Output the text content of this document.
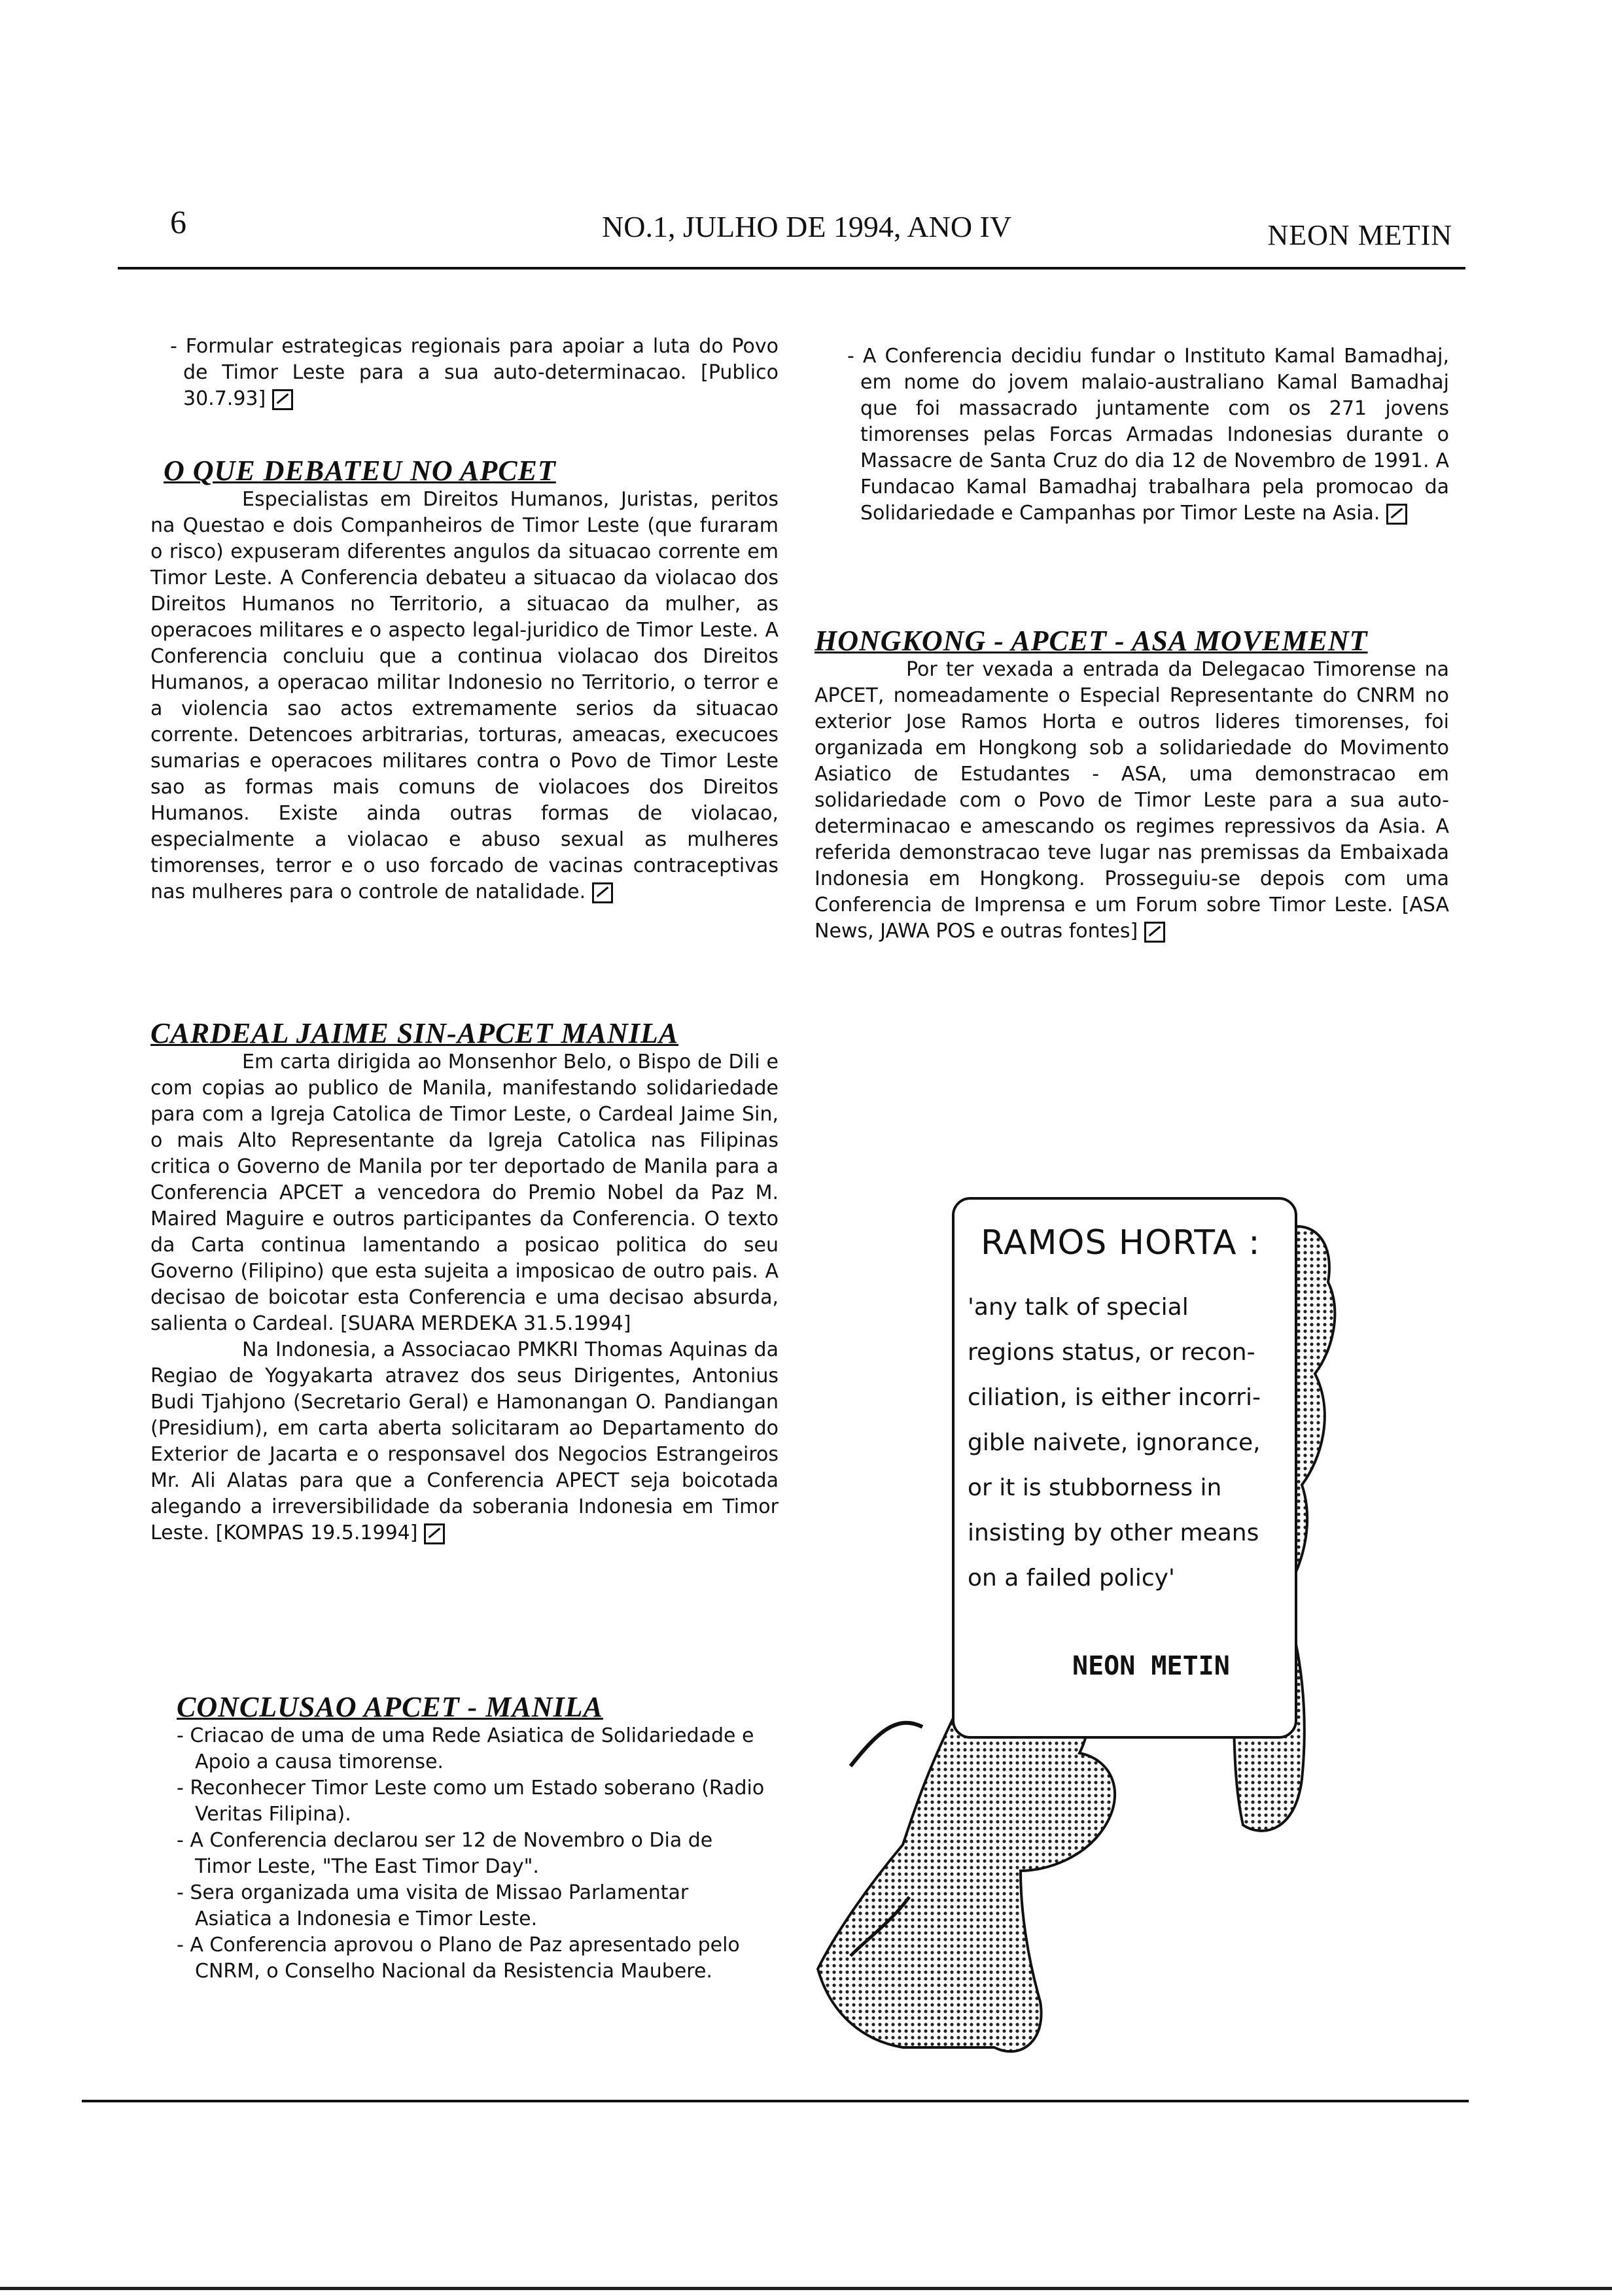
6	NO.1, JULHO DE 1994, ANO IV	NEON METIN

- Formular estrategicas regionais para apoiar a luta do Povo de Timor Leste para a sua auto-determinacao. [Publico 30.7.93]

O QUE DEBATEU NO APCET

Especialistas em Direitos Humanos, Juristas, peritos na Questao e dois Companheiros de Timor Leste (que furaram o risco) expuseram diferentes angulos da situacao corrente em Timor Leste. A Conferencia debateu a situacao da violacao dos Direitos Humanos no Territorio, a situacao da mulher, as operacoes militares e o aspecto legal-juridico de Timor Leste. A Conferencia concluiu que a continua violacao dos Direitos Humanos, a operacao militar Indonesio no Territorio, o terror e a violencia sao actos extremamente serios da situacao corrente. Detencoes arbitrarias, torturas, ameacas, execucoes sumarias e operacoes militares contra o Povo de Timor Leste sao as formas mais comuns de violacoes dos Direitos Humanos. Existe ainda outras formas de violacao, especialmente a violacao e abuso sexual as mulheres timorenses, terror e o uso forcado de vacinas contraceptivas nas mulheres para o controle de natalidade.

CARDEAL JAIME SIN-APCET MANILA

Em carta dirigida ao Monsenhor Belo, o Bispo de Dili e com copias ao publico de Manila, manifestando solidariedade para com a Igreja Catolica de Timor Leste, o Cardeal Jaime Sin, o mais Alto Representante da Igreja Catolica nas Filipinas critica o Governo de Manila por ter deportado de Manila para a Conferencia APCET a vencedora do Premio Nobel da Paz M. Maired Maguire e outros participantes da Conferencia. O texto da Carta continua lamentando a posicao politica do seu Governo (Filipino) que esta sujeita a imposicao de outro pais. A decisao de boicotar esta Conferencia e uma decisao absurda, salienta o Cardeal. [SUARA MERDEKA 31.5.1994]

Na Indonesia, a Associacao PMKRI Thomas Aquinas da Regiao de Yogyakarta atravez dos seus Dirigentes, Antonius Budi Tjahjono (Secretario Geral) e Hamonangan O. Pandiangan (Presidium), em carta aberta solicitaram ao Departamento do Exterior de Jacarta e o responsavel dos Negocios Estrangeiros Mr. Ali Alatas para que a Conferencia APECT seja boicotada alegando a irreversibilidade da soberania Indonesia em Timor Leste. [KOMPAS 19.5.1994]

CONCLUSAO APCET - MANILA
- Criacao de uma de uma Rede Asiatica de Solidariedade e Apoio a causa timorense.
- Reconhecer Timor Leste como um Estado soberano (Radio Veritas Filipina).
- A Conferencia declarou ser 12 de Novembro o Dia de Timor Leste, "The East Timor Day".
- Sera organizada uma visita de Missao Parlamentar Asiatica a Indonesia e Timor Leste.
- A Conferencia aprovou o Plano de Paz apresentado pelo CNRM, o Conselho Nacional da Resistencia Maubere.

- A Conferencia decidiu fundar o Instituto Kamal Bamadhaj, em nome do jovem malaio-australiano Kamal Bamadhaj que foi massacrado juntamente com os 271 jovens timorenses pelas Forcas Armadas Indonesias durante o Massacre de Santa Cruz do dia 12 de Novembro de 1991. A Fundacao Kamal Bamadhaj trabalhara pela promocao da Solidariedade e Campanhas por Timor Leste na Asia.

HONGKONG - APCET - ASA MOVEMENT

Por ter vexada a entrada da Delegacao Timorense na APCET, nomeadamente o Especial Representante do CNRM no exterior Jose Ramos Horta e outros lideres timorenses, foi organizada em Hongkong sob a solidariedade do Movimento Asiatico de Estudantes - ASA, uma demonstracao em solidariedade com o Povo de Timor Leste para a sua auto-determinacao e amescando os regimes repressivos da Asia. A referida demonstracao teve lugar nas premissas da Embaixada Indonesia em Hongkong. Prosseguiu-se depois com uma Conferencia de Imprensa e um Forum sobre Timor Leste. [ASA News, JAWA POS e outras fontes]

RAMOS HORTA :
'any talk of special
regions status, or recon-
ciliation, is either incorri-
gible naivete, ignorance,
or it is stubborness in
insisting by other means
on a failed policy'
NEON METIN
